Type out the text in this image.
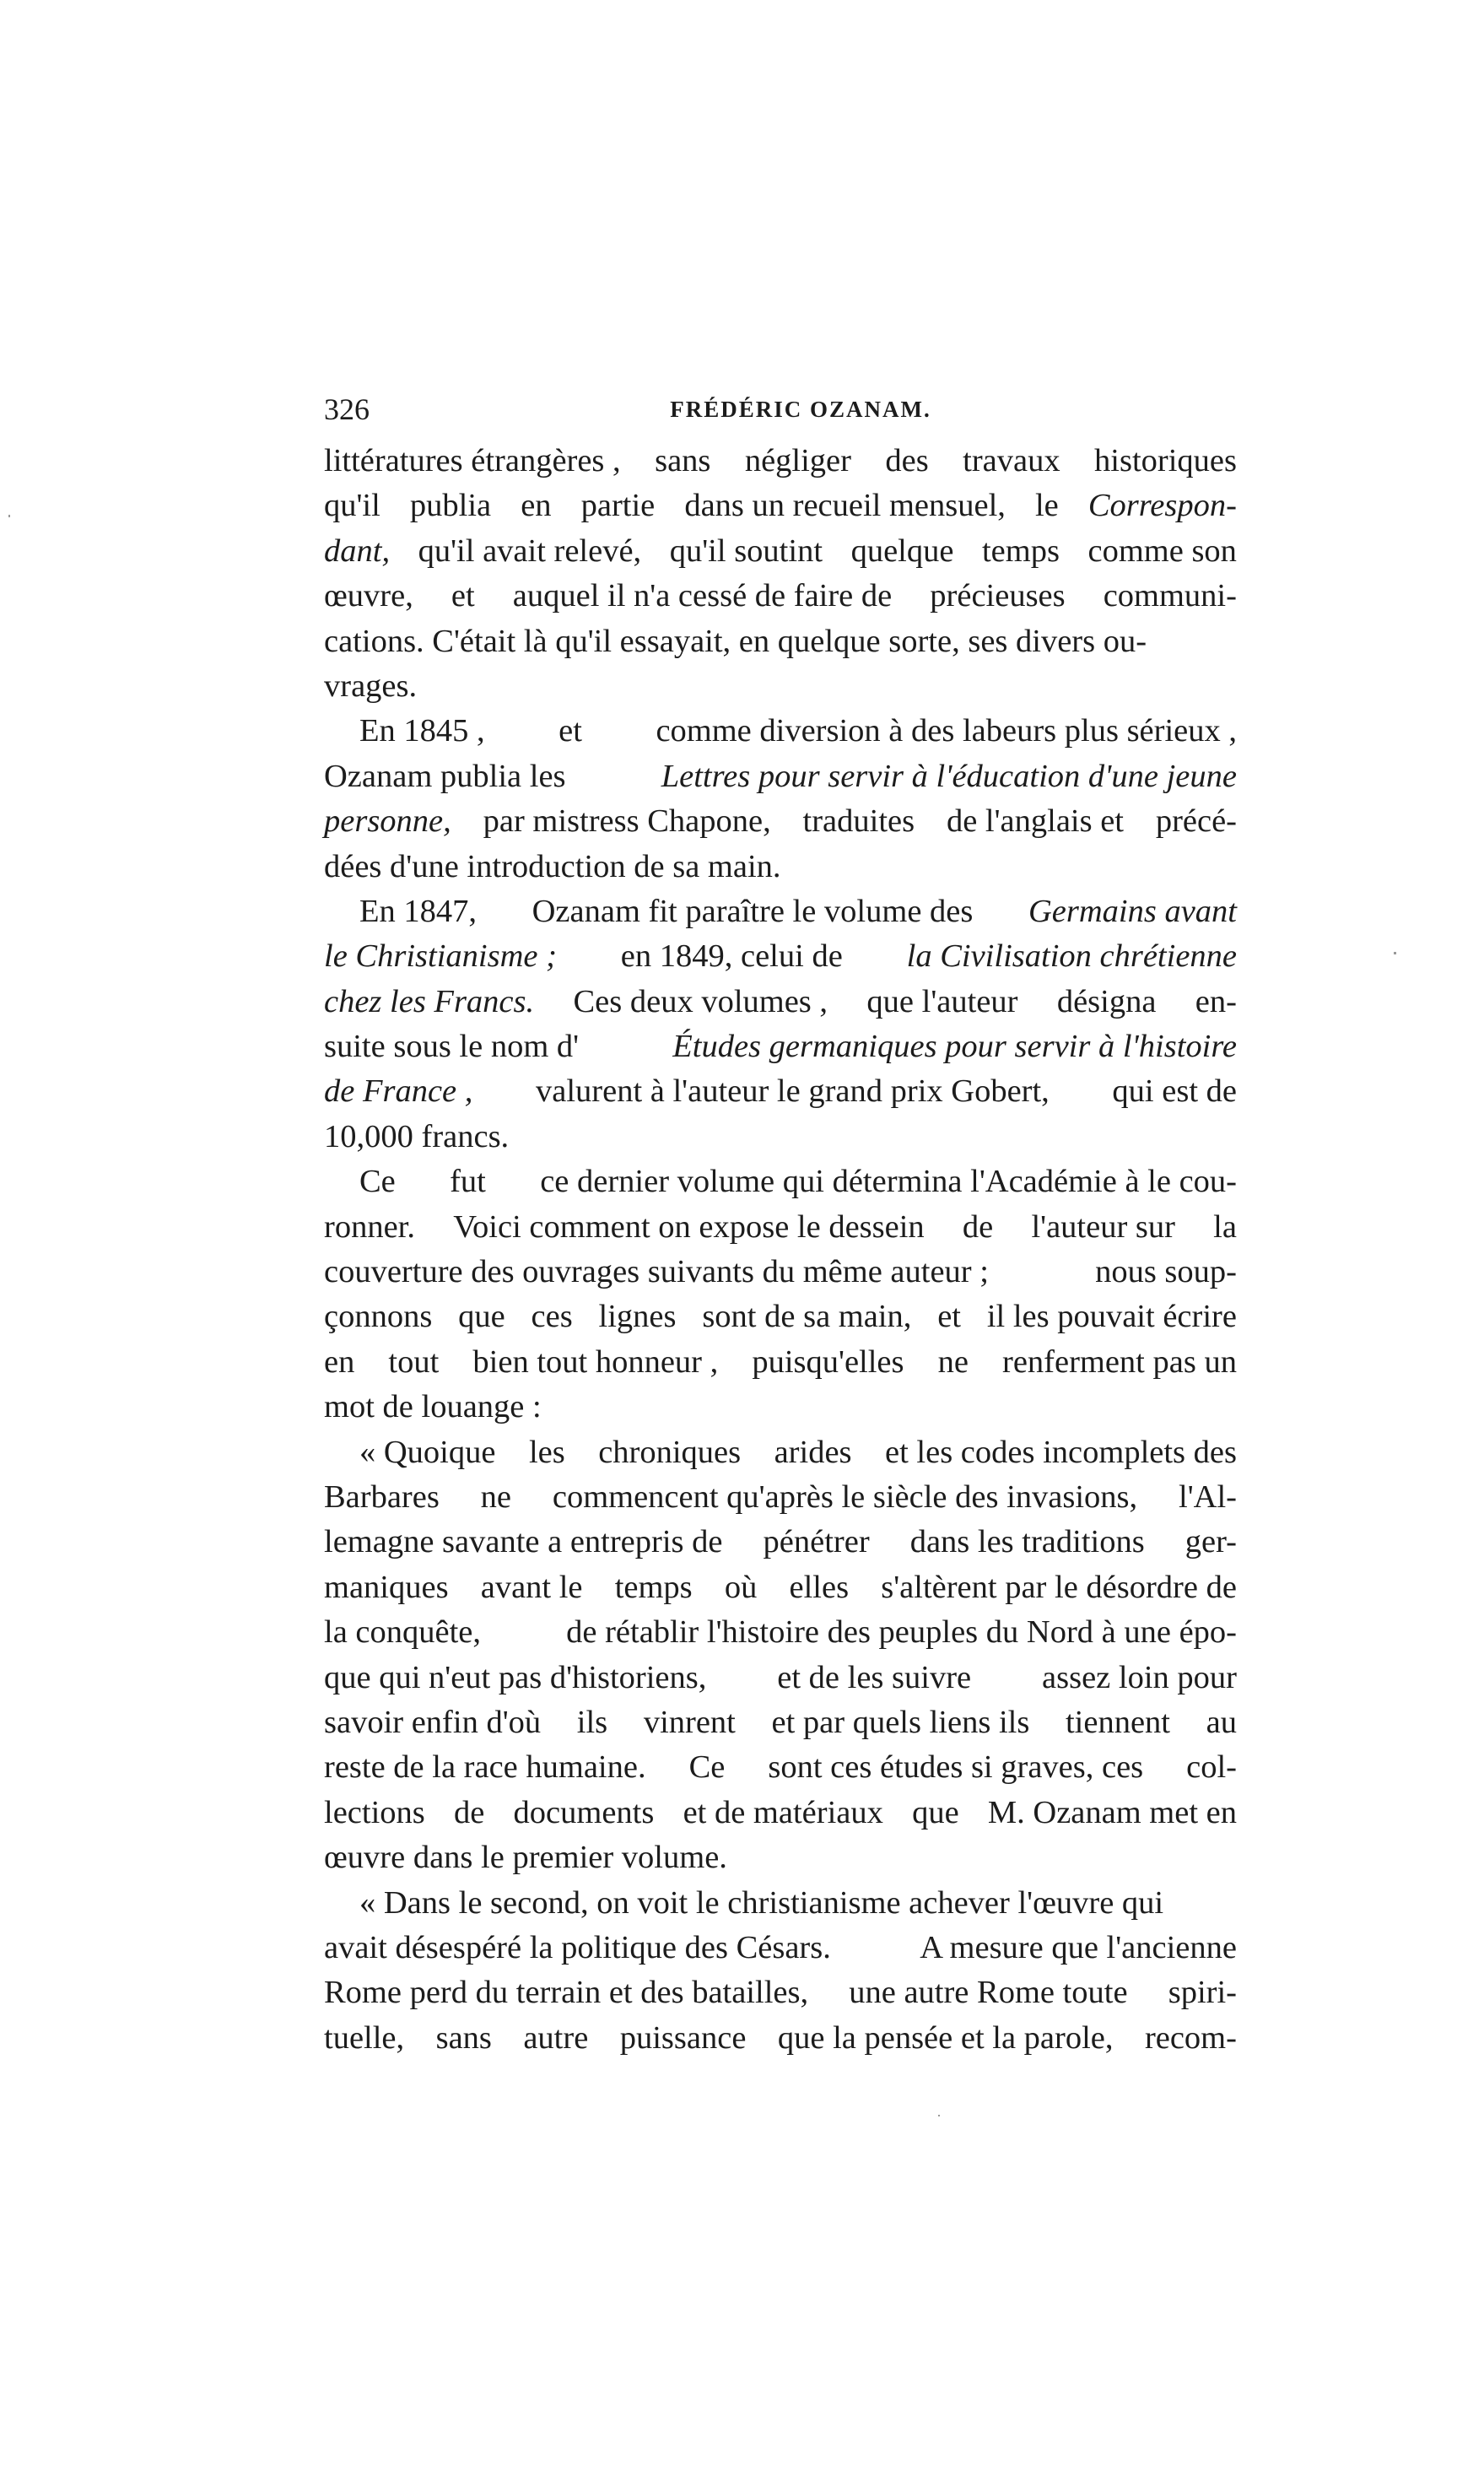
326	FRÉDÉRIC OZANAM.
littératures étrangères , sans négliger des travaux historiques
qu'il publia en partie dans un recueil mensuel, le Correspon-
dant, qu'il avait relevé, qu'il soutint quelque temps comme son
œuvre, et auquel il n'a cessé de faire de précieuses communi-
cations. C'était là qu'il essayait, en quelque sorte, ses divers ou-
vrages.
En 1845 , et comme diversion à des labeurs plus sérieux ,
Ozanam publia les	Lettres pour servir à l'éducation d'une jeune
personne, par mistress Chapone, traduites de l'anglais et précé-
dées d'une introduction de sa main.
En 1847, Ozanam fit paraître le volume des Germains avant
le Christianisme ; en 1849, celui de la Civilisation chrétienne
chez les Francs. Ces deux volumes , que l'auteur désigna en-
suite sous le nom d'	Études germaniques pour servir à l'histoire
de France , valurent à l'auteur le grand prix Gobert, qui est de
10,000 francs.
Ce fut ce dernier volume qui détermina l'Académie à le cou-
ronner. Voici comment on expose le dessein de l'auteur sur la
couverture des ouvrages suivants du même auteur ;	nous soup-
çonnons que ces lignes sont de sa main, et il les pouvait écrire
en tout bien tout honneur , puisqu'elles ne renferment pas un
mot de louange :
« Quoique les chroniques arides et les codes incomplets des
Barbares ne commencent qu'après le siècle des invasions, l'Al-
lemagne savante a entrepris de pénétrer dans les traditions ger-
maniques avant le temps où elles s'altèrent par le désordre de
la conquête,	de rétablir l'histoire des peuples du Nord à une épo-
que qui n'eut pas d'historiens, et de les suivre assez loin pour
savoir enfin d'où ils vinrent et par quels liens ils tiennent au
reste de la race humaine. Ce sont ces études si graves, ces col-
lections de documents et de matériaux que M. Ozanam met en
œuvre dans le premier volume.
« Dans le second, on voit le christianisme achever l'œuvre qui
avait désespéré la politique des Césars.	A mesure que l'ancienne
Rome perd du terrain et des batailles, une autre Rome toute spiri-
tuelle, sans autre puissance que la pensée et la parole, recom-
